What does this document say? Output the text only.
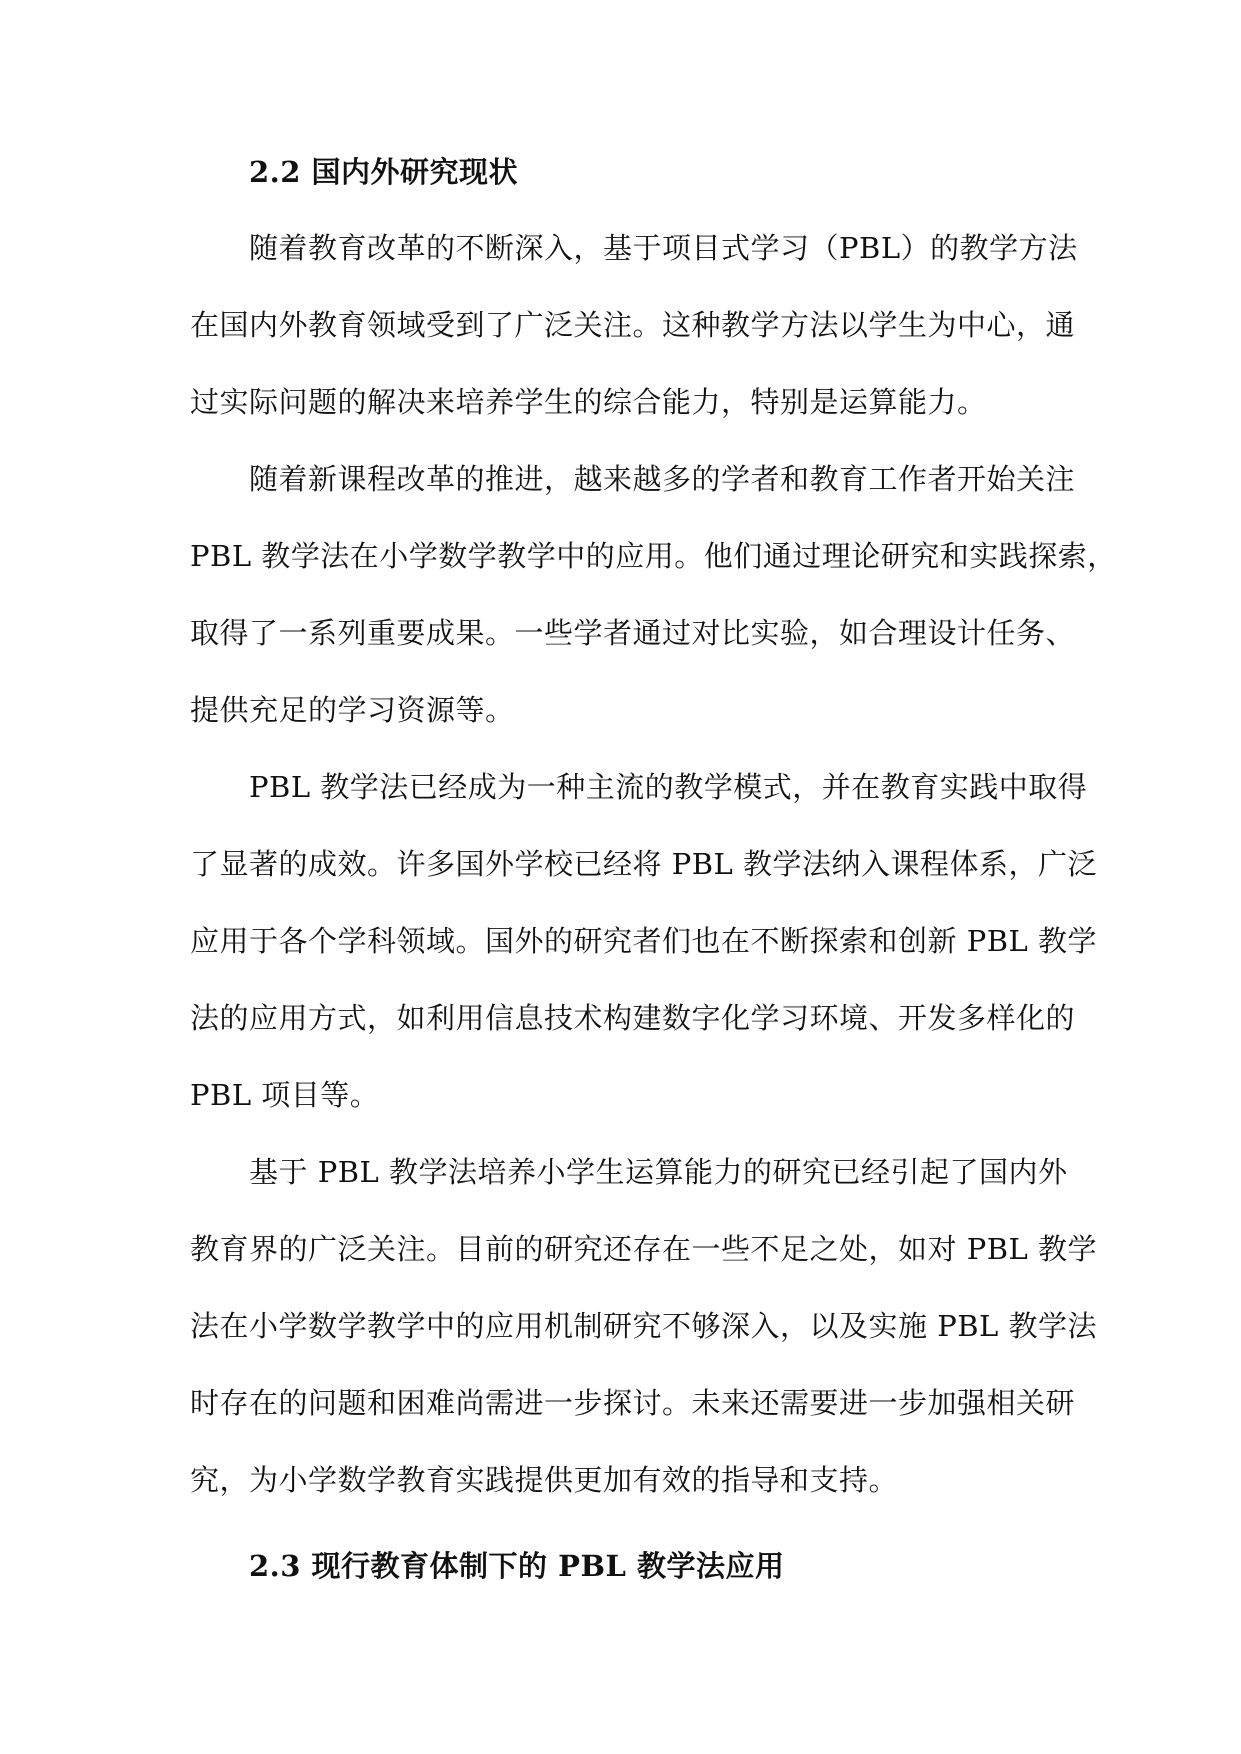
2.2 国内外研究现状
随着教育改革的不断深入，基于项目式学习（PBL）的教学方法
在国内外教育领域受到了广泛关注。这种教学方法以学生为中心，通
过实际问题的解决来培养学生的综合能力，特别是运算能力。
随着新课程改革的推进，越来越多的学者和教育工作者开始关注
PBL 教学法在小学数学教学中的应用。他们通过理论研究和实践探索，
取得了一系列重要成果。一些学者通过对比实验，如合理设计任务、
提供充足的学习资源等。
PBL 教学法已经成为一种主流的教学模式，并在教育实践中取得
了显著的成效。许多国外学校已经将 PBL 教学法纳入课程体系，广泛
应用于各个学科领域。国外的研究者们也在不断探索和创新 PBL 教学
法的应用方式，如利用信息技术构建数字化学习环境、开发多样化的
PBL 项目等。
基于 PBL 教学法培养小学生运算能力的研究已经引起了国内外
教育界的广泛关注。目前的研究还存在一些不足之处，如对 PBL 教学
法在小学数学教学中的应用机制研究不够深入，以及实施 PBL 教学法
时存在的问题和困难尚需进一步探讨。未来还需要进一步加强相关研
究，为小学数学教育实践提供更加有效的指导和支持。
2.3 现行教育体制下的 PBL 教学法应用
